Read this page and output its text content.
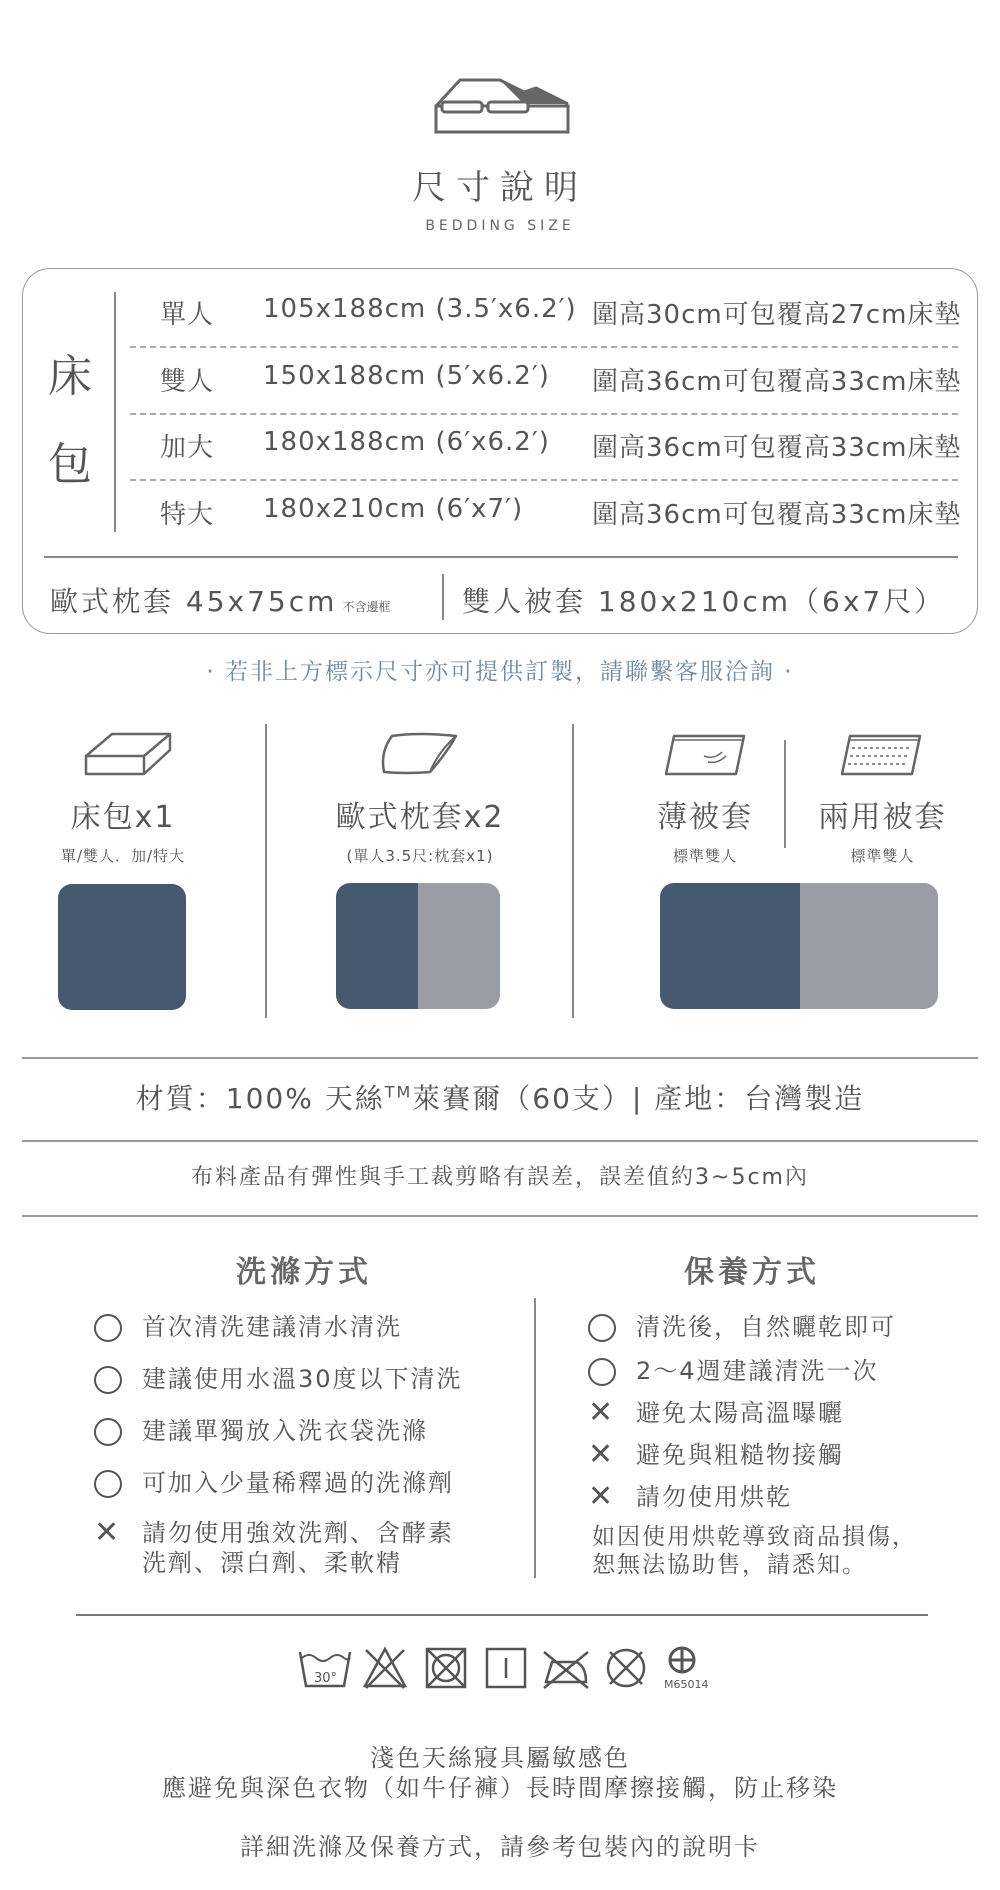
尺寸說明
BEDDING SIZE
床
包
單人 105x188cm (3.5′x6.2′) 圍高30cm可包覆高27cm床墊
雙人 150x188cm (5′x6.2′) 圍高36cm可包覆高33cm床墊
加大 180x188cm (6′x6.2′) 圍高36cm可包覆高33cm床墊
特大 180x210cm (6′x7′)	圍高36cm可包覆高33cm床墊
歐式枕套 45x75cm 不含邊框	雙人被套 180x210cm（6x7尺）
· 若非上方標示尺寸亦可提供訂製，請聯繫客服洽詢 ·
床包x1
單/雙人．加/特大
歐式枕套x2
(單人3.5尺:枕套x1)
薄被套
標準雙人
兩用被套
標準雙人
材質：100% 天絲™萊賽爾（60支）| 產地：台灣製造
布料產品有彈性與手工裁剪略有誤差，誤差值約3~5cm內
洗滌方式	保養方式
首次清洗建議清水清洗
建議使用水溫30度以下清洗
建議單獨放入洗衣袋洗滌
可加入少量稀釋過的洗滌劑
✕ 請勿使用強效洗劑、含酵素
洗劑、漂白劑、柔軟精
清洗後，自然曬乾即可
2～4週建議清洗一次
✕ 避免太陽高溫曝曬
✕ 避免與粗糙物接觸
✕ 請勿使用烘乾
如因使用烘乾導致商品損傷，
恕無法協助售，請悉知。
30°	M65014
淺色天絲寢具屬敏感色
應避免與深色衣物（如牛仔褲）長時間摩擦接觸，防止移染
詳細洗滌及保養方式，請參考包裝內的說明卡
